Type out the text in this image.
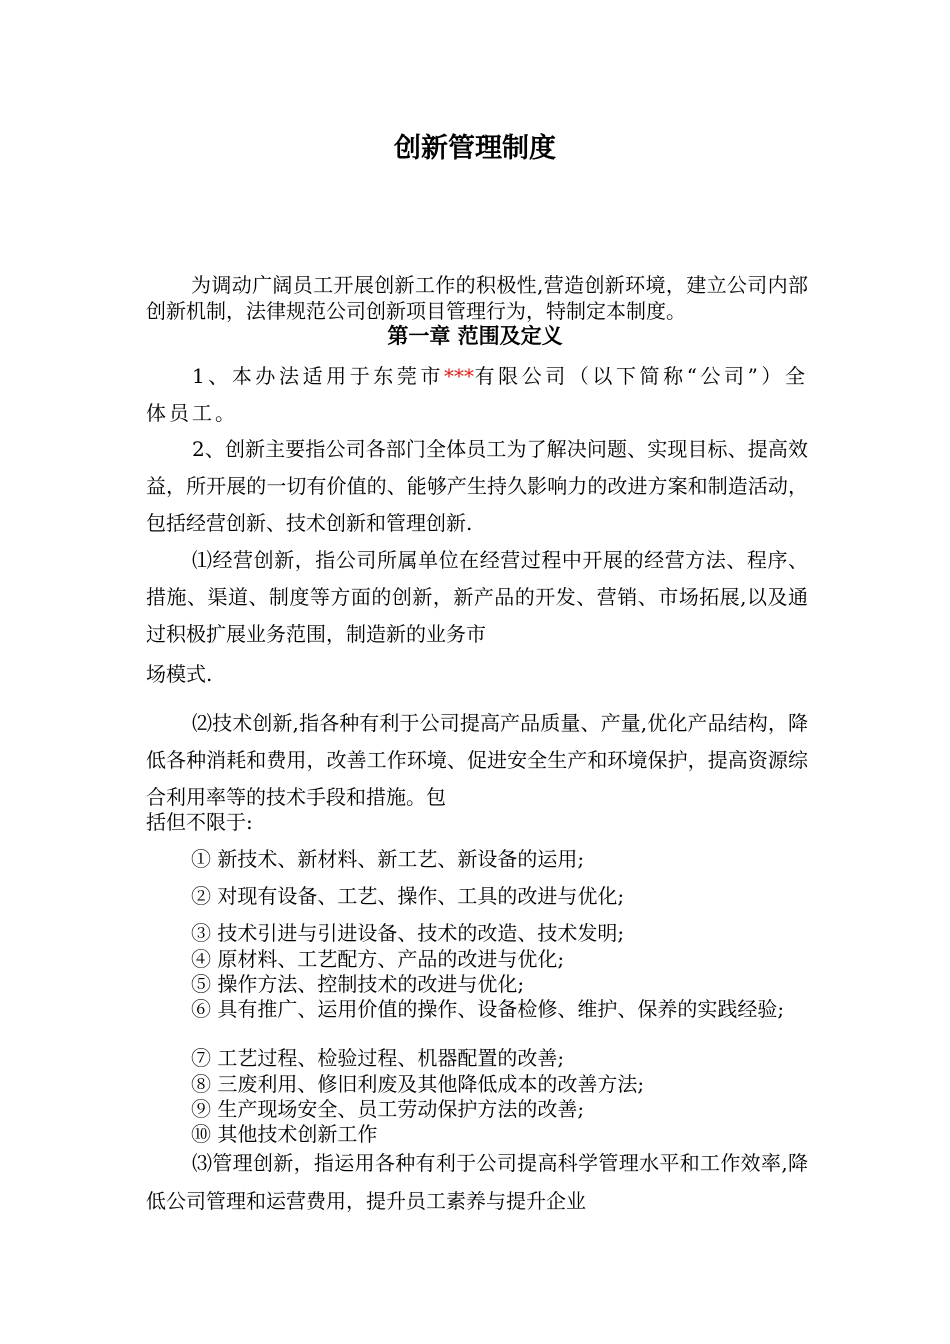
创新管理制度
为调动广阔员工开展创新工作的积极性,营造创新环境，建立公司内部创新机制，法律规范公司创新项目管理行为，特制定本制度。
第一章 范围及定义
1、本办法适用于东莞市***有限公司（以下简称“公司”）全体员工。
2、创新主要指公司各部门全体员工为了解决问题、实现目标、提高效益，所开展的一切有价值的、能够产生持久影响力的改进方案和制造活动，包括经营创新、技术创新和管理创新.
⑴经营创新，指公司所属单位在经营过程中开展的经营方法、程序、措施、渠道、制度等方面的创新，新产品的开发、营销、市场拓展,以及通过积极扩展业务范围，制造新的业务市
场模式.
⑵技术创新,指各种有利于公司提高产品质量、产量,优化产品结构，降低各种消耗和费用，改善工作环境、促进安全生产和环境保护，提高资源综合利用率等的技术手段和措施。包
括但不限于:
① 新技术、新材料、新工艺、新设备的运用;
② 对现有设备、工艺、操作、工具的改进与优化;
③ 技术引进与引进设备、技术的改造、技术发明;
④ 原材料、工艺配方、产品的改进与优化;
⑤ 操作方法、控制技术的改进与优化;
⑥ 具有推广、运用价值的操作、设备检修、维护、保养的实践经验;
⑦ 工艺过程、检验过程、机器配置的改善;
⑧ 三废利用、修旧利废及其他降低成本的改善方法;
⑨ 生产现场安全、员工劳动保护方法的改善;
⑩ 其他技术创新工作
⑶管理创新，指运用各种有利于公司提高科学管理水平和工作效率,降低公司管理和运营费用，提升员工素养与提升企业
